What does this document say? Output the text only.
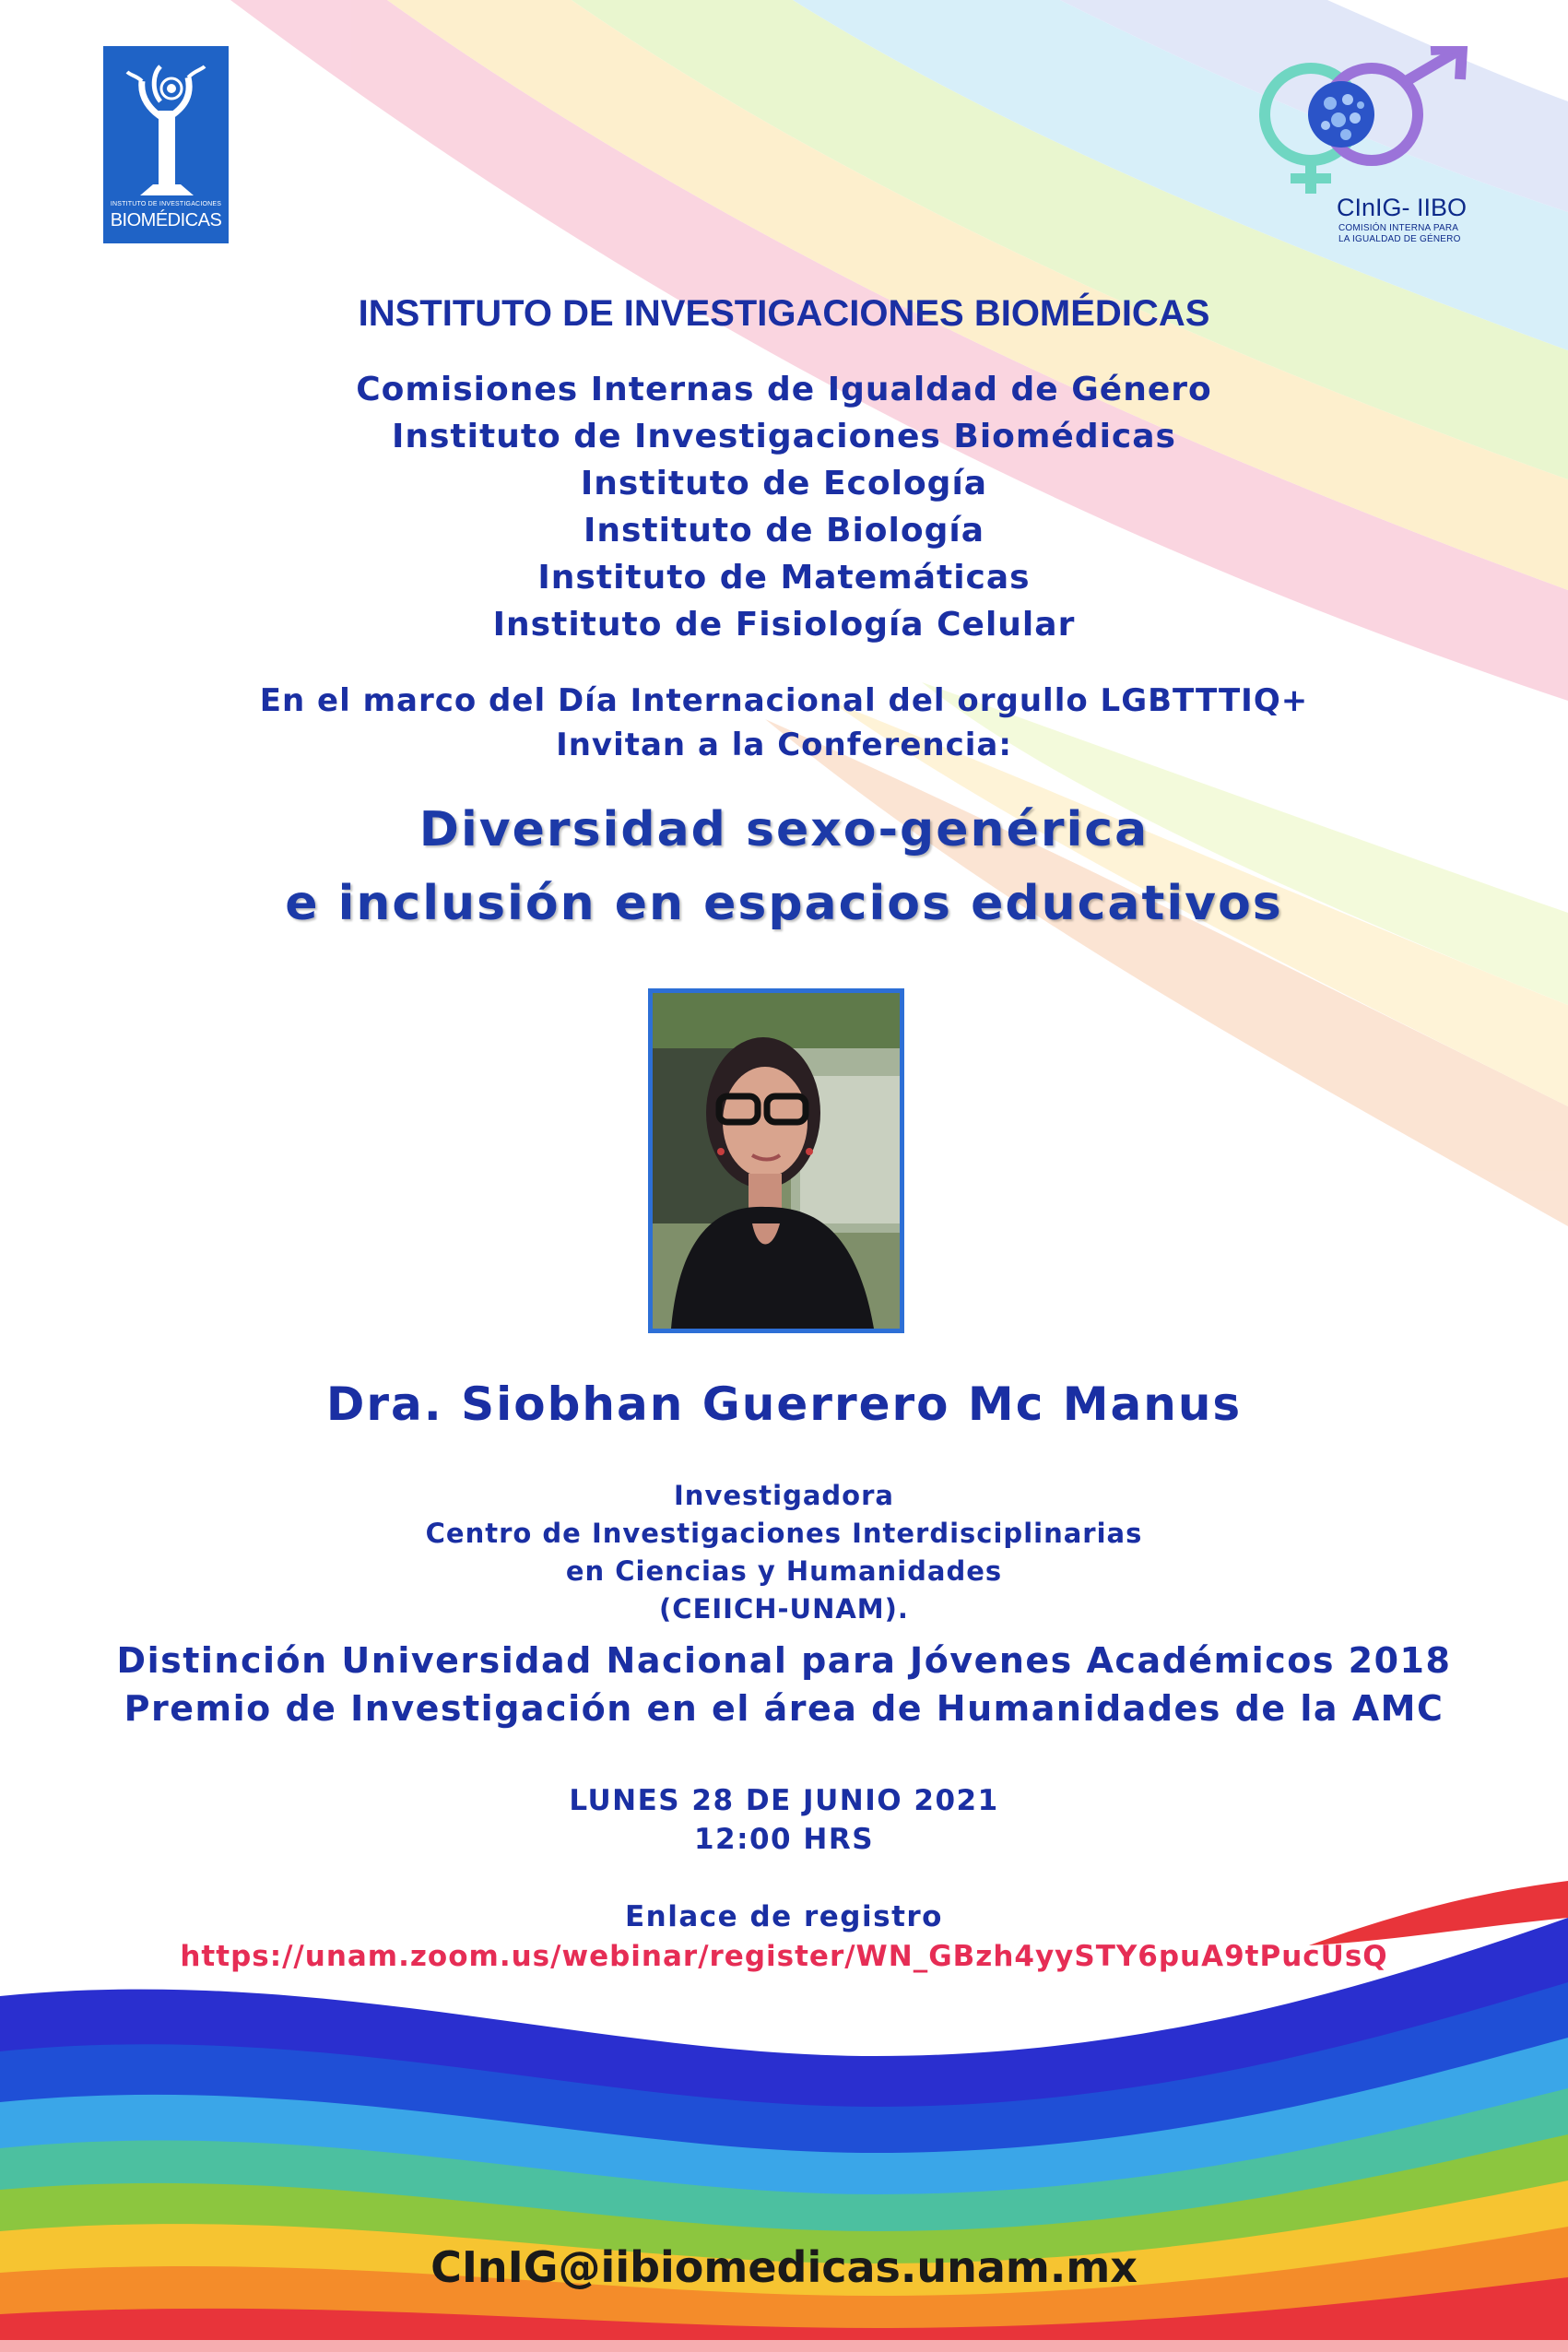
INSTITUTO DE INVESTIGACIONES
BIOMÉDICAS	CInIG- IIBO
COMISIÓN INTERNA PARA
LA IGUALDAD DE GÉNERO
INSTITUTO DE INVESTIGACIONES BIOMÉDICAS
Comisiones Internas de Igualdad de Género
Instituto de Investigaciones Biomédicas
Instituto de Ecología
Instituto de Biología
Instituto de Matemáticas
Instituto de Fisiología Celular
En el marco del Día Internacional del orgullo LGBTTTIQ+
Invitan a la Conferencia:
Diversidad sexo-genérica
e inclusión en espacios educativos
Dra. Siobhan Guerrero Mc Manus
Investigadora
Centro de Investigaciones Interdisciplinarias
en Ciencias y Humanidades
(CEIICH-UNAM).
Distinción Universidad Nacional para Jóvenes Académicos 2018
Premio de Investigación en el área de Humanidades de la AMC
LUNES 28 DE JUNIO 2021
12:00 HRS
Enlace de registro
https://unam.zoom.us/webinar/register/WN_GBzh4yySTY6puA9tPucUsQ
CInIG@iibiomedicas.unam.mx
